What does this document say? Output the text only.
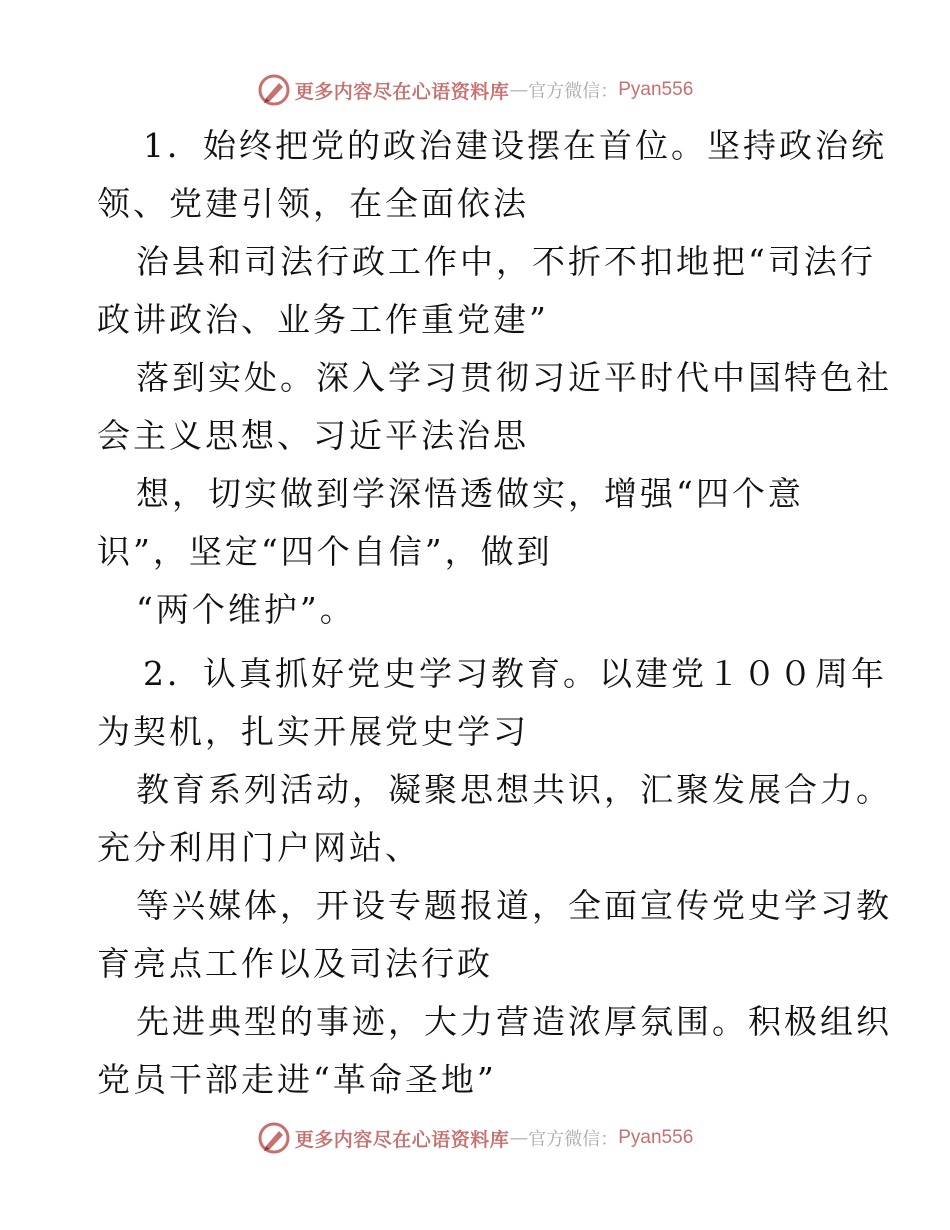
更多内容尽在心语资料库 — 官方微信： Pyan556
1．始终把党的政治建设摆在首位。坚持政治统
领、党建引领，在全面依法
治县和司法行政工作中，不折不扣地把“司法行
政讲政治、业务工作重党建”
落到实处。深入学习贯彻习近平时代中国特色社
会主义思想、习近平法治思
想，切实做到学深悟透做实，增强“四个意
识”，坚定“四个自信”，做到
“两个维护”。
2．认真抓好党史学习教育。以建党１００周年
为契机，扎实开展党史学习
教育系列活动，凝聚思想共识，汇聚发展合力。
充分利用门户网站、
等兴媒体，开设专题报道，全面宣传党史学习教
育亮点工作以及司法行政
先进典型的事迹，大力营造浓厚氛围。积极组织
党员干部走进“革命圣地”
更多内容尽在心语资料库 — 官方微信： Pyan556
